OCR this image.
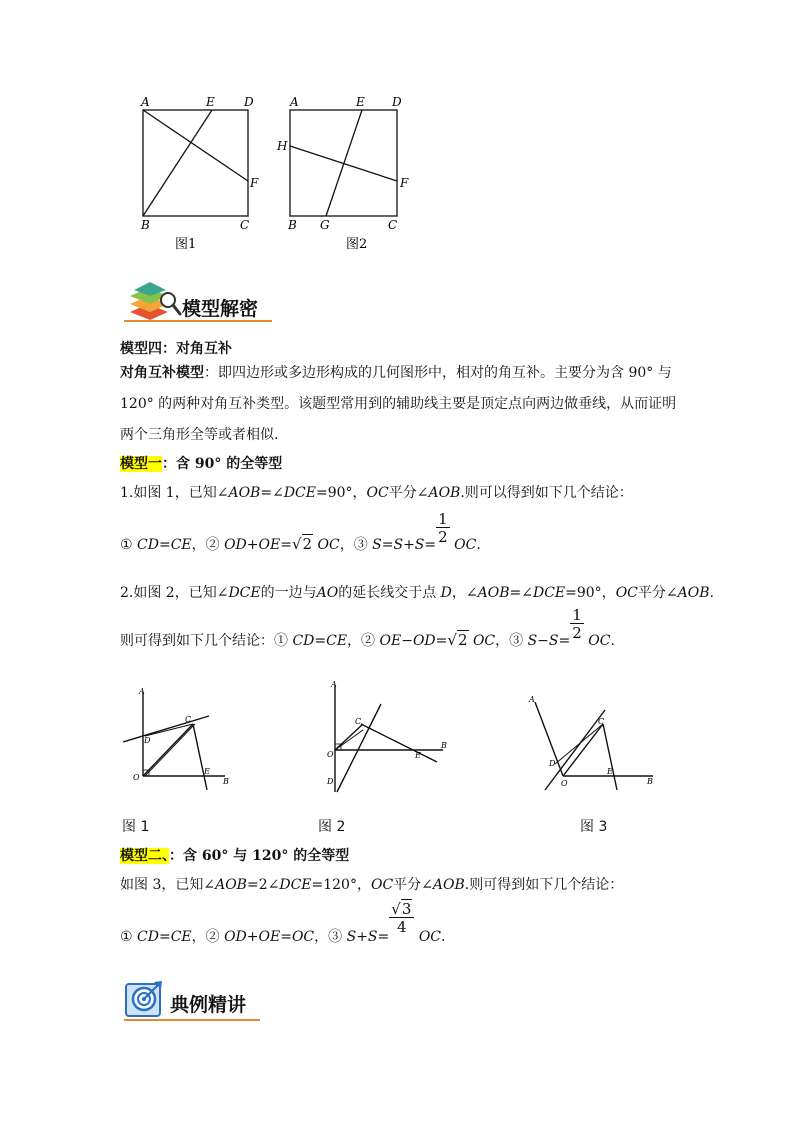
A	E D
F
B	C
图1
A	E D
H
F
B G	C
图2
模型解密
模型四：对角互补
对角互补模型：即四边形或多边形构成的几何图形中，相对的角互补。主要分为含 90° 与
120° 的两种对角互补类型。该题型常用到的辅助线主要是顶定点向两边做垂线，从而证明
两个三角形全等或者相似.
模型一：含 90° 的全等型
1.如图 1，已知∠AOB=∠DCE=90°，OC平分∠AOB.则可以得到如下几个结论：
① CD=CE，② OD+OE=√2 OC，③ $S=S+S= \frac{1}{2}$ OC.
2.如图 2，已知∠DCE的一边与AO的延长线交于点 D，∠AOB=∠DCE=90°，OC平分∠AOB.
则可得到如下几个结论：① CD=CE，② OE−OD=√2 OC，③ $S-S= \frac{1}{2}$ OC.
A
C
D
O
E
B
A
C
D
O	E
B
A
C
D
O
E
B
图 1	图 2	图 3
模型二、：含 60° 与 120° 的全等型
如图 3，已知∠AOB=2∠DCE=120°，OC平分∠AOB.则可得到如下几个结论：
① CD=CE，② OD+OE=OC，③ S+S=
$\frac{√3}{4}$
OC.
典例精讲
